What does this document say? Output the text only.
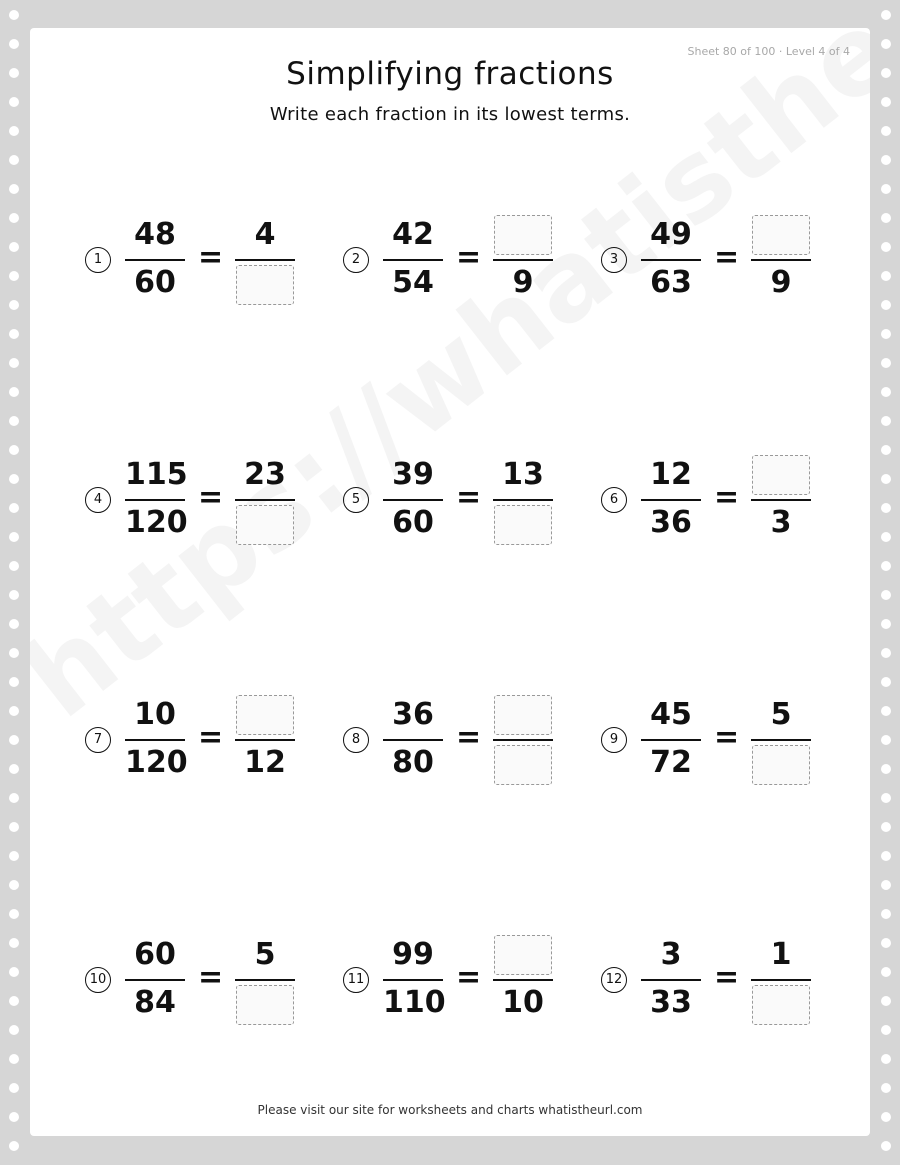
Sheet 80 of 100 · Level 4 of 4
Simplifying fractions
Write each fraction in its lowest terms.
1
48
60
=
4
2
42
54
=
9
3
49
63
=
9
4
115
120
=
23
5
39
60
=
13
6
12
36
=
3
7
10
120
=
12
8
36
80
=	9
45
72
=
5
10
60
84
=
5
11
99
110
=
10
12
3
33
=
1
Please visit our site for worksheets and charts whatistheurl.com
